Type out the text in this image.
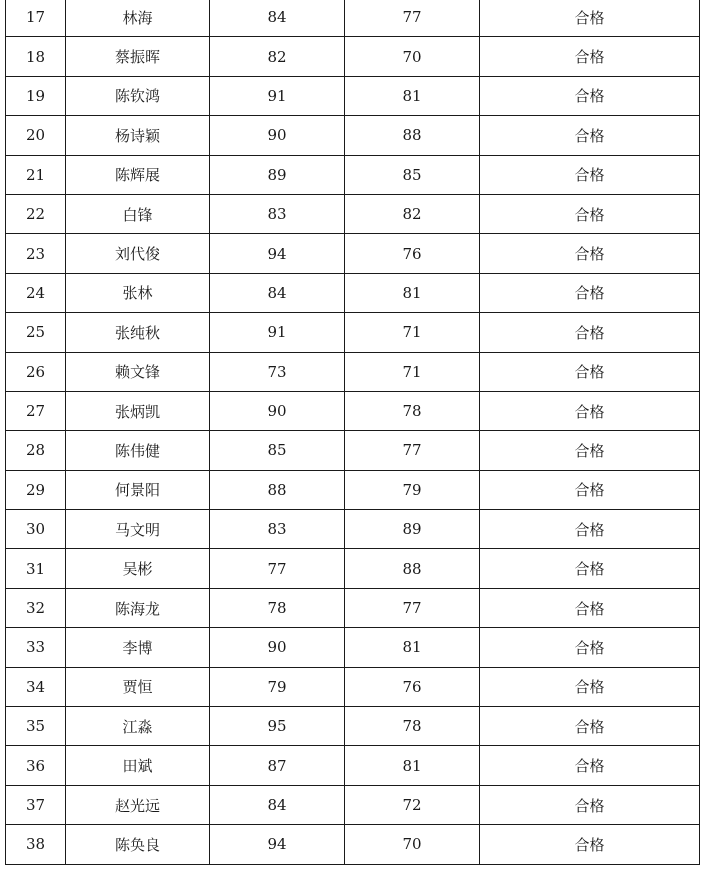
17	林海	84	77	合格
18	蔡振晖	82	70	合格
19	陈钦鸿	91	81	合格
20	杨诗颖	90	88	合格
21	陈辉展	89	85	合格
22	白锋	83	82	合格
23	刘代俊	94	76	合格
24	张林	84	81	合格
25	张纯秋	91	71	合格
26	赖文锋	73	71	合格
27	张炳凯	90	78	合格
28	陈伟健	85	77	合格
29	何景阳	88	79	合格
30	马文明	83	89	合格
31	吴彬	77	88	合格
32	陈海龙	78	77	合格
33	李博	90	81	合格
34	贾恒	79	76	合格
35	江淼	95	78	合格
36	田斌	87	81	合格
37	赵光远	84	72	合格
38	陈奂良	94	70	合格
